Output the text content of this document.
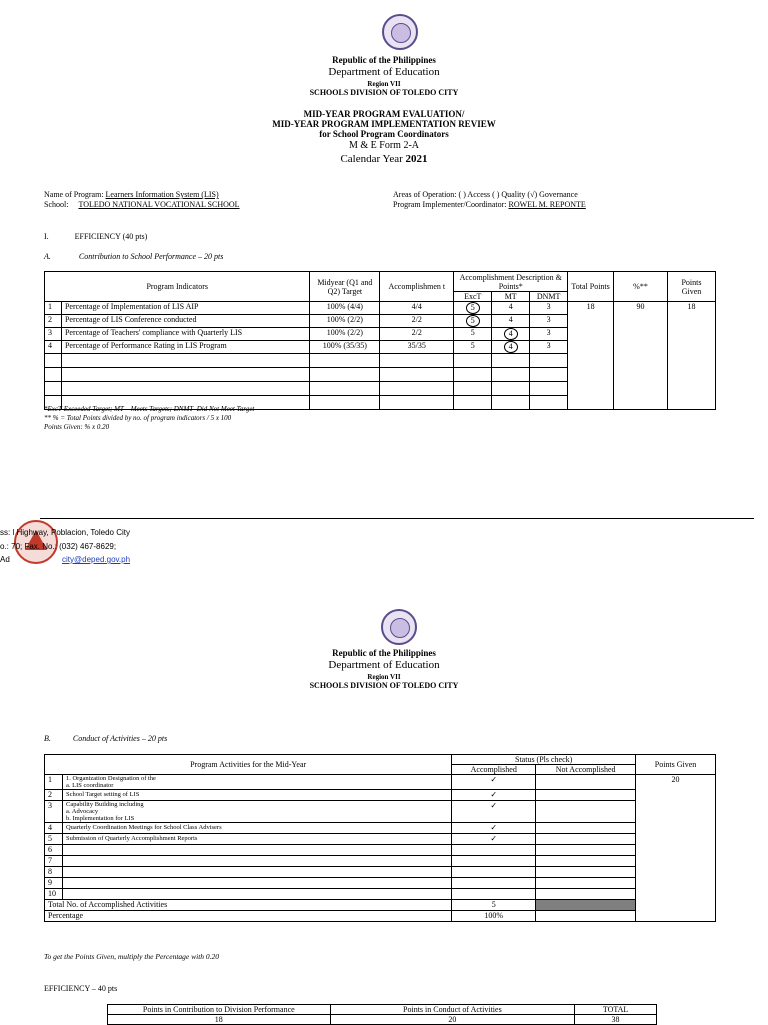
Republic of the Philippines
Department of Education
Region VII
SCHOOLS DIVISION OF TOLEDO CITY
MID-YEAR PROGRAM EVALUATION/
MID-YEAR PROGRAM IMPLEMENTATION REVIEW
for School Program Coordinators
M & E Form 2-A
Calendar Year 2021
Name of Program: Learners Information System (LIS)
School: TOLEDO NATIONAL VOCATIONAL SCHOOL
Areas of Operation: ( ) Access ( ) Quality (√) Governance
Program Implementer/Coordinator: ROWEL M. REPONTE
I.	EFFICIENCY (40 pts)
A.	Contribution to School Performance – 20 pts
Program Indicators		Midyear (Q1 and Q2) Target	Accomplishmen t	Accomplishment Description & Points*			Total Points	%**	Points Given
				ExcT	MT	DNMT			
1	Percentage of Implementation of LIS AIP	100% (4/4)	4/4	5	4	3	18	90	18
2	Percentage of LIS Conference conducted	100% (2/2)	2/2	5	4	3			
3	Percentage of Teachers' compliance with Quarterly LIS	100% (2/2)	2/2	5	4	3			
4	Percentage of Performance Rating in LIS Program	100% (35/35)	35/35	5	4	3			

*ExcT-Exceeded Target; MT – Meets Targets; DNMT- Did Not Meet Target
** % = Total Points divided by no. of program indicators / 5 x 100
Points Given: % x 0.20
ss: l Highway, Poblacion, Toledo City
o.: 70; Fax. No.: (032) 467-8629;
Ad	city@deped.gov.ph
Republic of the Philippines
Department of Education
Region VII
SCHOOLS DIVISION OF TOLEDO CITY
B.	Conduct of Activities – 20 pts
Program Activities for the Mid-Year		Status (Pls check)		Points Given
		Accomplished	Not Accomplished	
1	1. Organization Designation of the
a. LIS coordinator	✓		20
2	School Target setting of LIS	✓		
3	Capability Building including
a. Advocacy
b. Implementation for LIS	✓		
4	Quarterly Coordination Meetings for School Class Advisers	✓		
5	Submission of Quarterly Accomplishment Reports	✓		
6				
7				
8				
9				
10				
Total No. of Accomplished Activities		5		
Percentage		100%		
To get the Points Given, multiply the Percentage with 0.20
EFFICIENCY – 40 pts
Points in Contribution to Division Performance	Points in Conduct of Activities	TOTAL
18	20	38
